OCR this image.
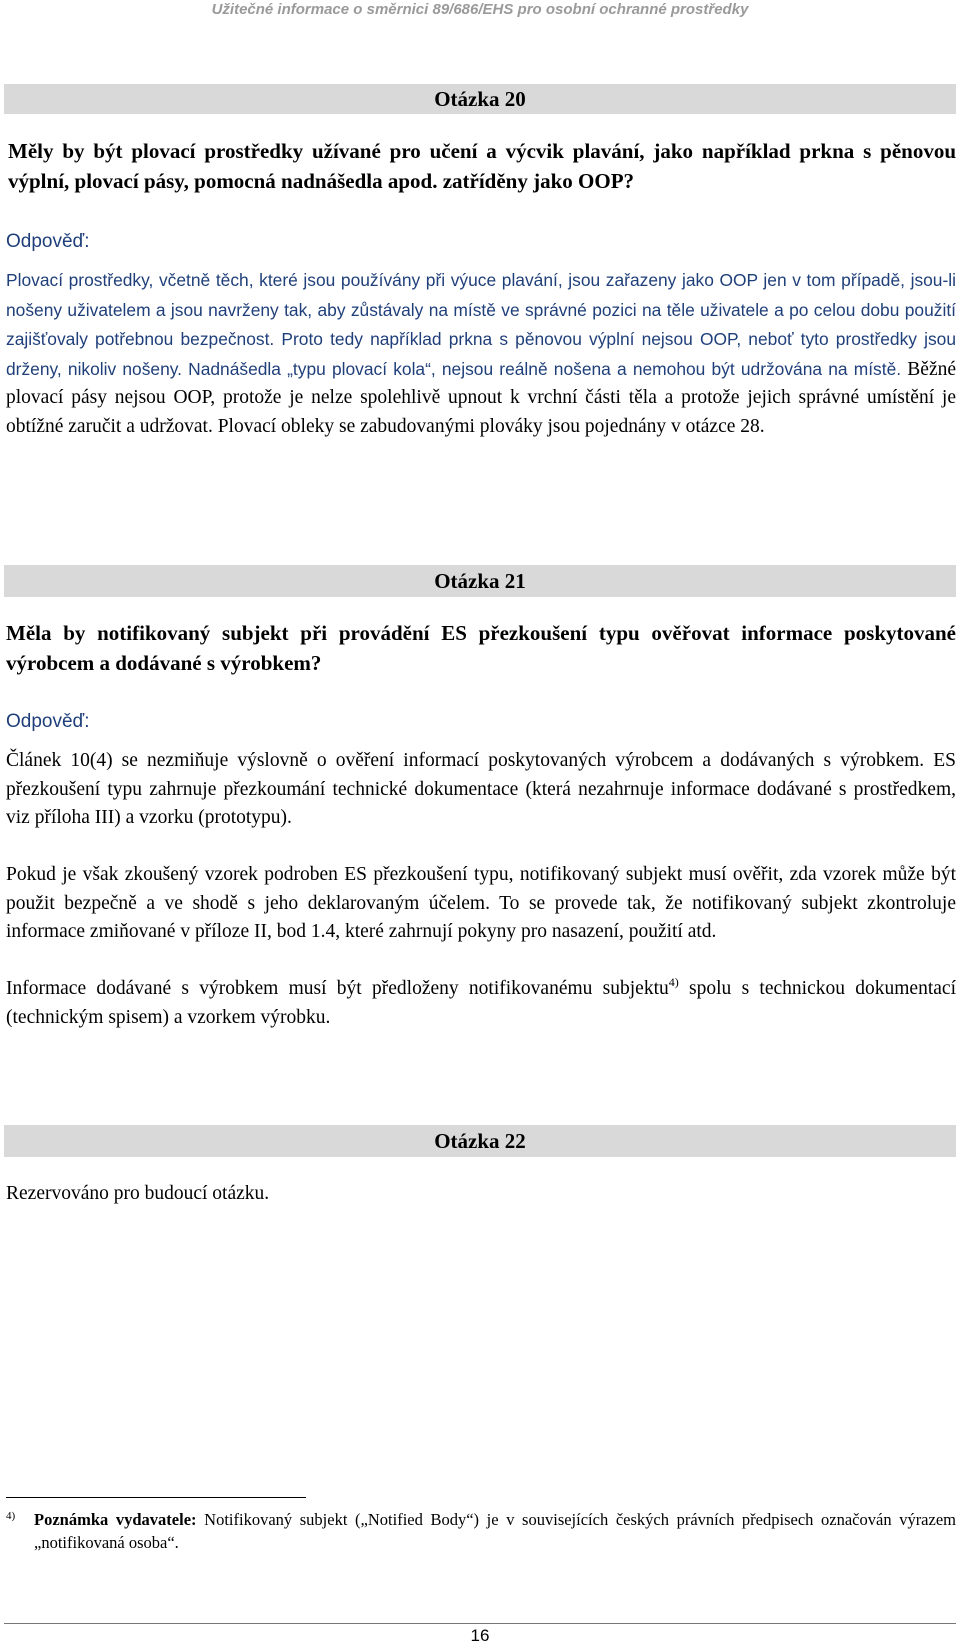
Užitečné informace o směrnici 89/686/EHS pro osobní ochranné prostředky
Otázka 20

Měly by být plovací prostředky užívané pro učení a výcvik plavání, jako například prkna s pěnovou výplní, plovací pásy, pomocná nadnášedla apod. zatříděny jako OOP?

Odpověď:

Plovací prostředky, včetně těch, které jsou používány při výuce plavání, jsou zařazeny jako OOP jen v tom případě, jsou-li nošeny uživatelem a jsou navrženy tak, aby zůstávaly na místě ve správné pozici na těle uživatele a po celou dobu použití zajišťovaly potřebnou bezpečnost. Proto tedy například prkna s pěnovou výplní nejsou OOP, neboť tyto prostředky jsou drženy, nikoliv nošeny. Nadnášedla „typu plovací kola“, nejsou reálně nošena a nemohou být udržována na místě. Běžné plovací pásy nejsou OOP, protože je nelze spolehlivě upnout k vrchní části těla a protože jejich správné umístění je obtížné zaručit a udržovat. Plovací obleky se zabudovanými plováky jsou pojednány v otázce 28.

Otázka 21

Měla by notifikovaný subjekt při provádění ES přezkoušení typu ověřovat informace poskytované výrobcem a dodávané s výrobkem?

Odpověď:

Článek 10(4) se nezmiňuje výslovně o ověření informací poskytovaných výrobcem a dodávaných s výrobkem. ES přezkoušení typu zahrnuje přezkoumání technické dokumentace (která nezahrnuje informace dodávané s prostředkem, viz příloha III) a vzorku (prototypu).

Pokud je však zkoušený vzorek podroben ES přezkoušení typu, notifikovaný subjekt musí ověřit, zda vzorek může být použit bezpečně a ve shodě s jeho deklarovaným účelem. To se provede tak, že notifikovaný subjekt zkontroluje informace zmiňované v příloze II, bod 1.4, které zahrnují pokyny pro nasazení, použití atd.

Informace dodávané s výrobkem musí být předloženy notifikovanému subjektu$^{4)}$ spolu s technickou dokumentací (technickým spisem) a vzorkem výrobku.

Otázka 22
Rezervováno pro budoucí otázku.
4) Poznámka vydavatele: Notifikovaný subjekt („Notified Body“) je v souvisejících českých právních předpisech označován výrazem „notifikovaná osoba“.

16
